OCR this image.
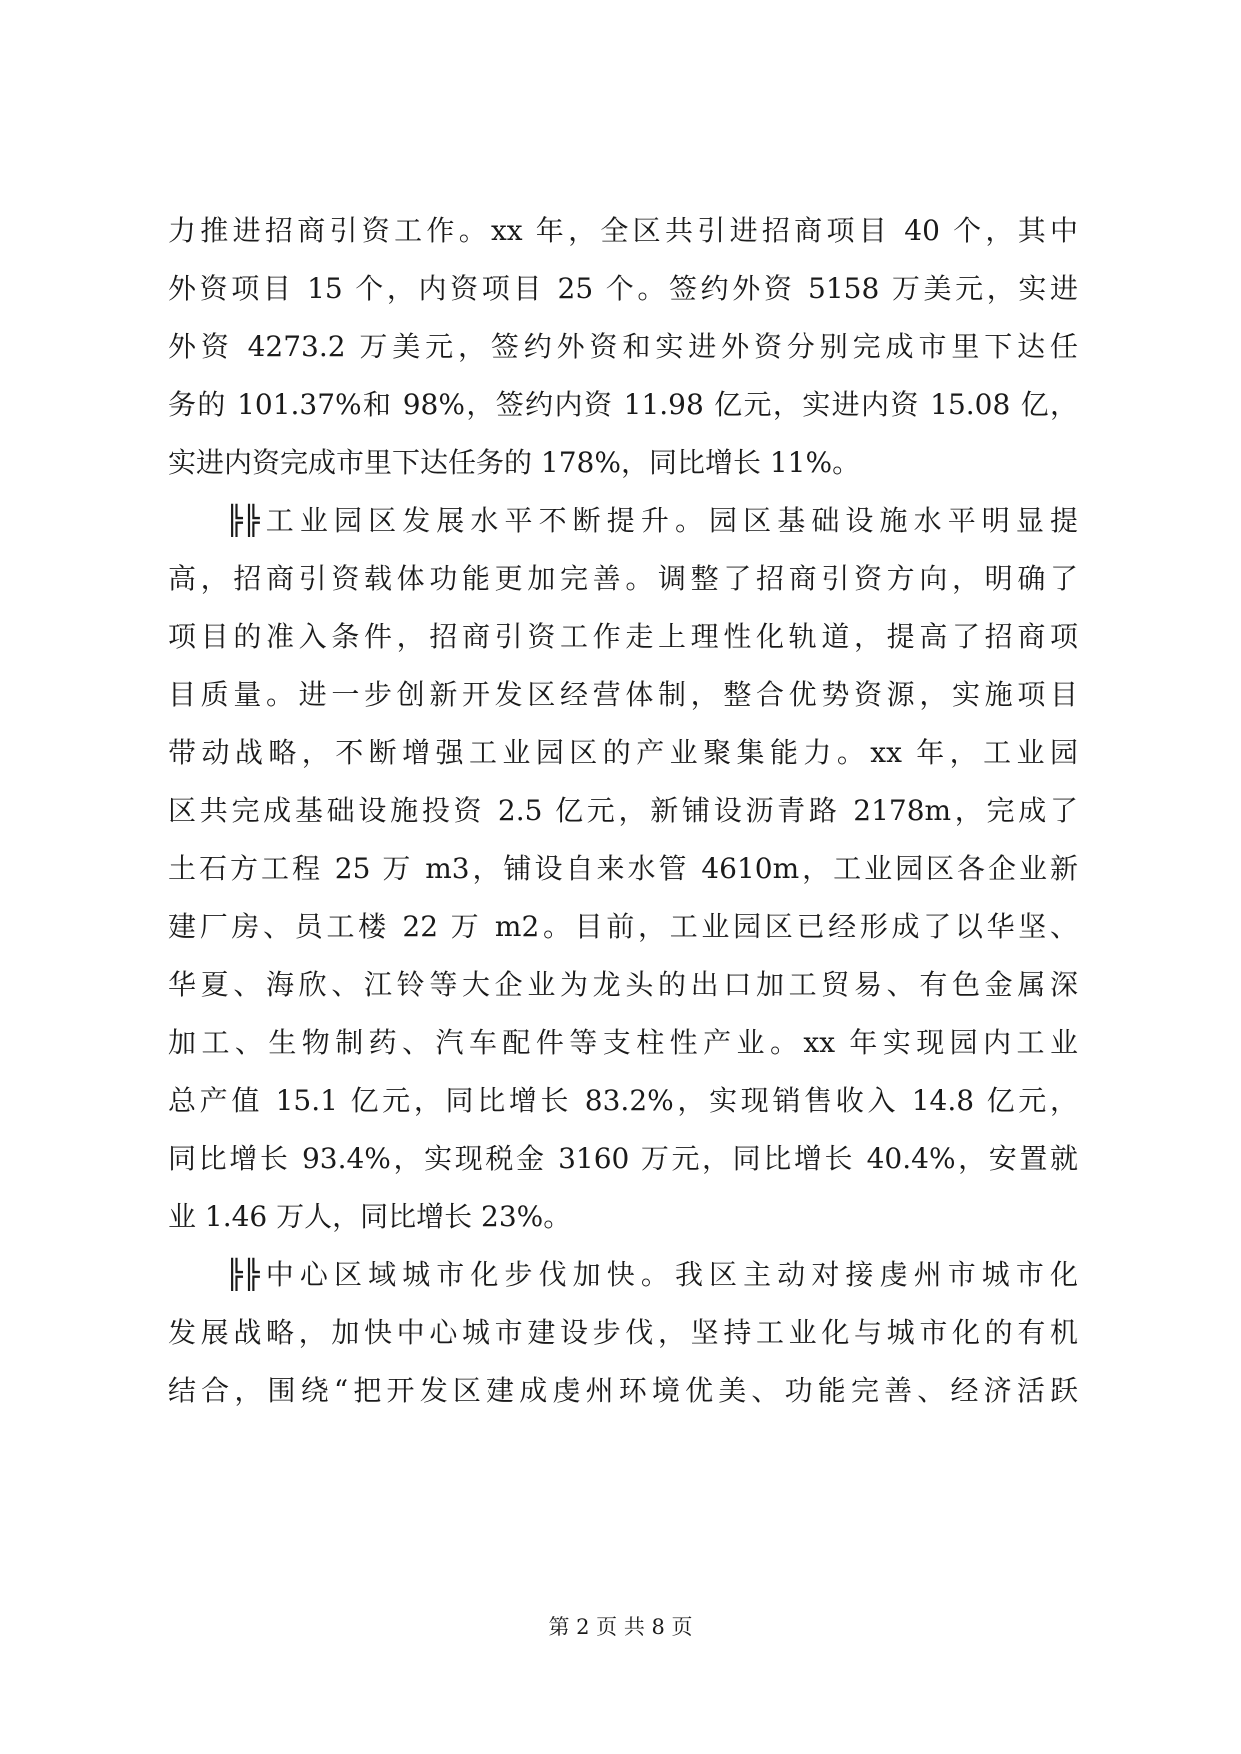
力推进招商引资工作。xx 年，全区共引进招商项目 40 个，其中
外资项目 15 个，内资项目 25 个。签约外资 5158 万美元，实进
外资 4273.2 万美元，签约外资和实进外资分别完成市里下达任
务的 101.37%和 98%，签约内资 11.98 亿元，实进内资 15.08 亿，
实进内资完成市里下达任务的 178%，同比增长 11%。
╠╠工业园区发展水平不断提升。园区基础设施水平明显提
高，招商引资载体功能更加完善。调整了招商引资方向，明确了
项目的准入条件，招商引资工作走上理性化轨道，提高了招商项
目质量。进一步创新开发区经营体制，整合优势资源，实施项目
带动战略，不断增强工业园区的产业聚集能力。xx 年，工业园
区共完成基础设施投资 2.5 亿元，新铺设沥青路 2178m，完成了
土石方工程 25 万 m3，铺设自来水管 4610m，工业园区各企业新
建厂房、员工楼 22 万 m2。目前，工业园区已经形成了以华坚、
华夏、海欣、江铃等大企业为龙头的出口加工贸易、有色金属深
加工、生物制药、汽车配件等支柱性产业。xx 年实现园内工业
总产值 15.1 亿元，同比增长 83.2%，实现销售收入 14.8 亿元，
同比增长 93.4%，实现税金 3160 万元，同比增长 40.4%，安置就
业 1.46 万人，同比增长 23%。
╠╠中心区域城市化步伐加快。我区主动对接虔州市城市化
发展战略，加快中心城市建设步伐，坚持工业化与城市化的有机
结合，围绕“把开发区建成虔州环境优美、功能完善、经济活跃
第 2 页 共 8 页
